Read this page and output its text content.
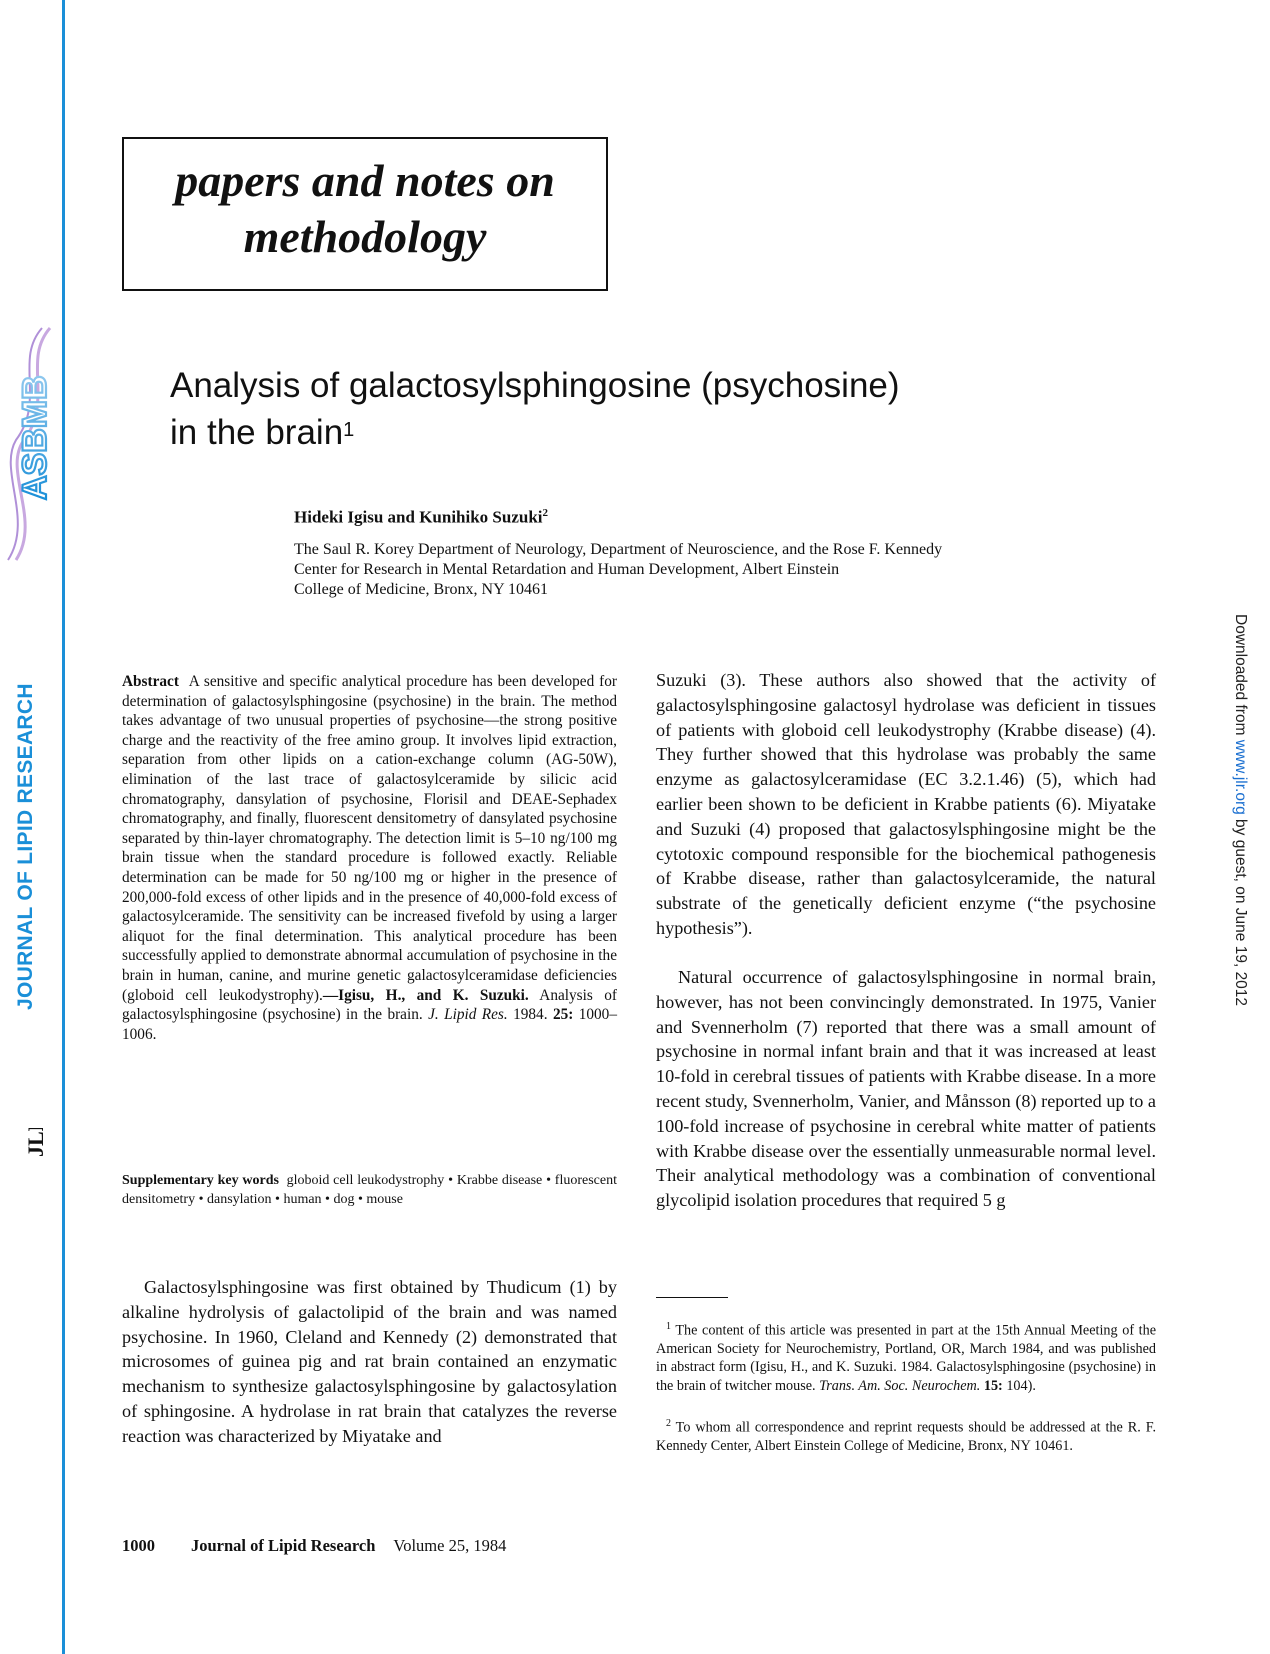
ASBMB
JOURNAL OF LIPID RESEARCH
JLR
Downloaded from www.jlr.org by guest, on June 19, 2012
papers and notes on
methodology
Analysis of galactosylsphingosine (psychosine)
in the brain$^1$
Hideki Igisu and Kunihiko Suzuki$^2$
The Saul R. Korey Department of Neurology, Department of Neuroscience, and the Rose F. Kennedy
Center for Research in Mental Retardation and Human Development, Albert Einstein
College of Medicine, Bronx, NY 10461
Abstract A sensitive and specific analytical procedure has been developed for determination of galactosylsphingosine (psychosine) in the brain. The method takes advantage of two unusual properties of psychosine—the strong positive charge and the reactivity of the free amino group. It involves lipid extraction, separation from other lipids on a cation-exchange column (AG-50W), elimination of the last trace of galactosylceramide by silicic acid chromatography, dansylation of psychosine, Florisil and DEAE-Sephadex chromatography, and finally, fluorescent densitometry of dansylated psychosine separated by thin-layer chromatography. The detection limit is 5–10 ng/100 mg brain tissue when the standard procedure is followed exactly. Reliable determination can be made for 50 ng/100 mg or higher in the presence of 200,000-fold excess of other lipids and in the presence of 40,000-fold excess of galactosylceramide. The sensitivity can be increased fivefold by using a larger aliquot for the final determination. This analytical procedure has been successfully applied to demonstrate abnormal accumulation of psychosine in the brain in human, canine, and murine genetic galactosylceramidase deficiencies (globoid cell leukodystrophy).—Igisu, H., and K. Suzuki. Analysis of galactosylsphingosine (psychosine) in the brain. J. Lipid Res. 1984. 25: 1000–1006.
Supplementary key words globoid cell leukodystrophy • Krabbe disease • fluorescent densitometry • dansylation • human • dog • mouse
Galactosylsphingosine was first obtained by Thudicum (1) by alkaline hydrolysis of galactolipid of the brain and was named psychosine. In 1960, Cleland and Kennedy (2) demonstrated that microsomes of guinea pig and rat brain contained an enzymatic mechanism to synthesize galactosylsphingosine by galactosylation of sphingosine. A hydrolase in rat brain that catalyzes the reverse reaction was characterized by Miyatake and
Suzuki (3). These authors also showed that the activity of galactosylsphingosine galactosyl hydrolase was deficient in tissues of patients with globoid cell leukodystrophy (Krabbe disease) (4). They further showed that this hydrolase was probably the same enzyme as galactosylceramidase (EC 3.2.1.46) (5), which had earlier been shown to be deficient in Krabbe patients (6). Miyatake and Suzuki (4) proposed that galactosylsphingosine might be the cytotoxic compound responsible for the biochemical pathogenesis of Krabbe disease, rather than galactosylceramide, the natural substrate of the genetically deficient enzyme (“the psychosine hypothesis”).
Natural occurrence of galactosylsphingosine in normal brain, however, has not been convincingly demonstrated. In 1975, Vanier and Svennerholm (7) reported that there was a small amount of psychosine in normal infant brain and that it was increased at least 10-fold in cerebral tissues of patients with Krabbe disease. In a more recent study, Svennerholm, Vanier, and Månsson (8) reported up to a 100-fold increase of psychosine in cerebral white matter of patients with Krabbe disease over the essentially unmeasurable normal level. Their analytical methodology was a combination of conventional glycolipid isolation procedures that required 5 g
$^1$ The content of this article was presented in part at the 15th Annual Meeting of the American Society for Neurochemistry, Portland, OR, March 1984, and was published in abstract form (Igisu, H., and K. Suzuki. 1984. Galactosylsphingosine (psychosine) in the brain of twitcher mouse. Trans. Am. Soc. Neurochem. 15: 104).
$^2$ To whom all correspondence and reprint requests should be addressed at the R. F. Kennedy Center, Albert Einstein College of Medicine, Bronx, NY 10461.
1000 Journal of Lipid Research Volume 25, 1984
